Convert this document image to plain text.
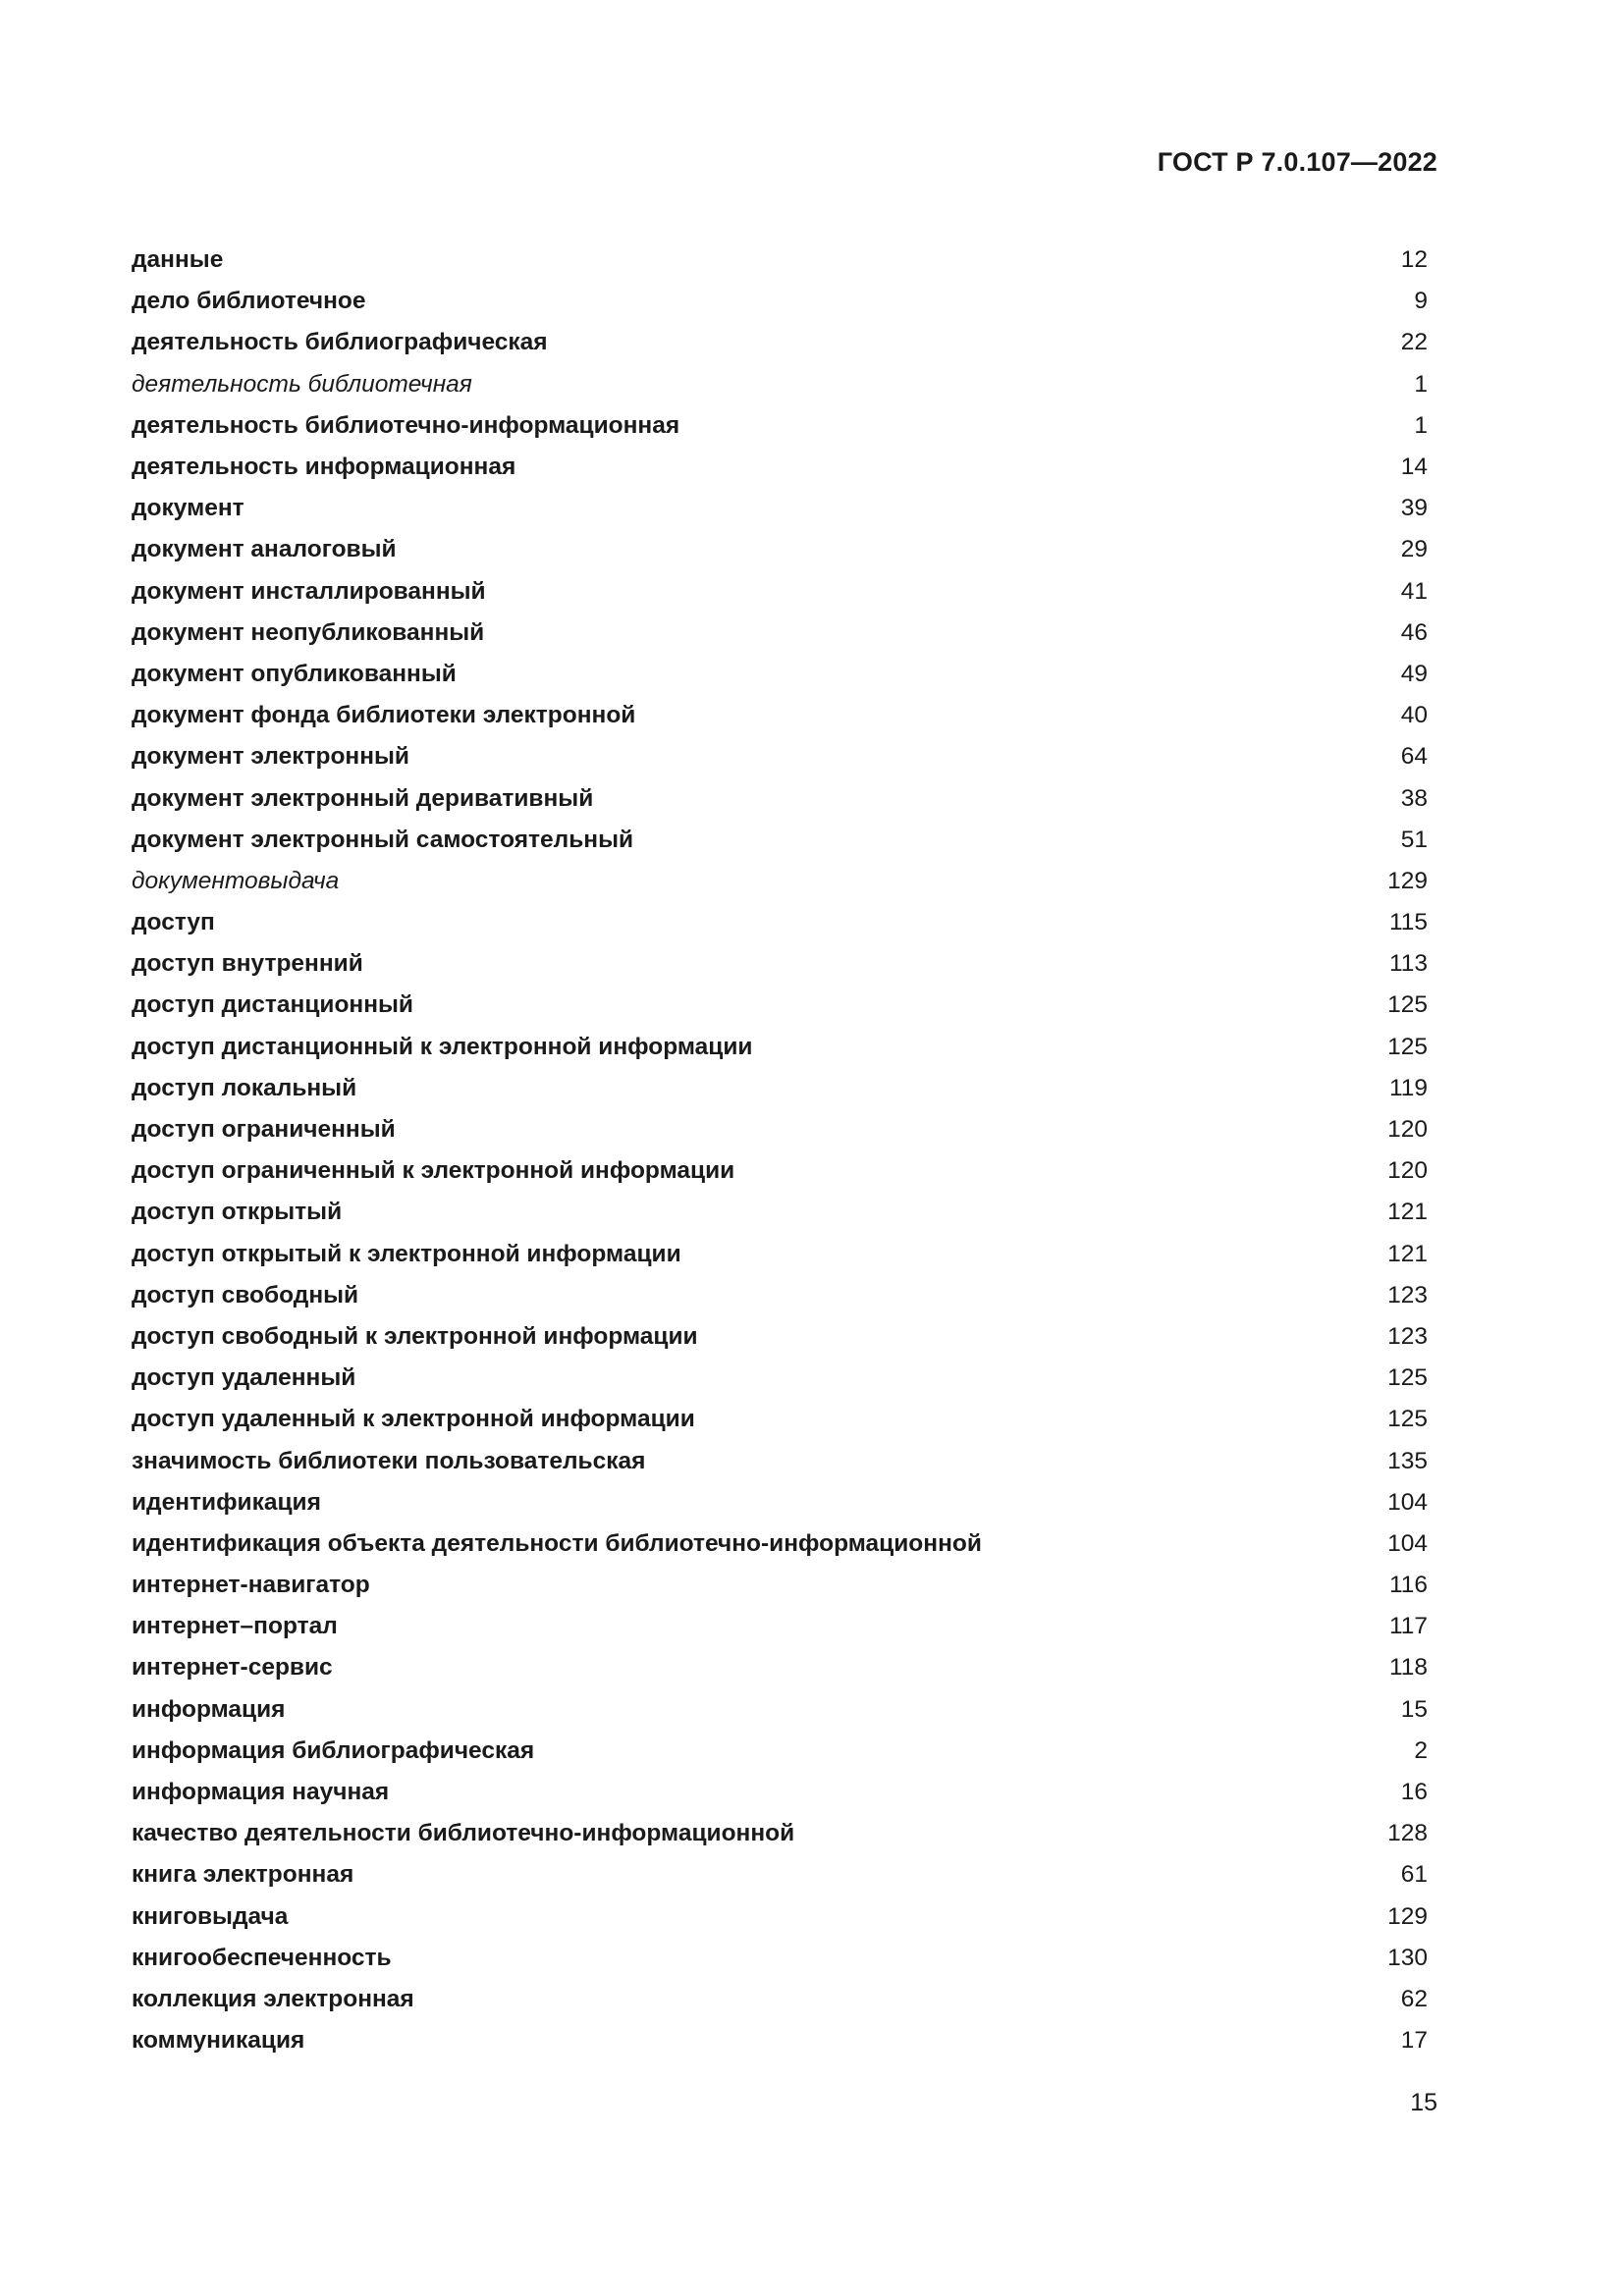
ГОСТ Р 7.0.107—2022
данные	12
дело библиотечное	9
деятельность библиографическая	22
деятельность библиотечная	1
деятельность библиотечно-информационная	1
деятельность информационная	14
документ	39
документ аналоговый	29
документ инсталлированный	41
документ неопубликованный	46
документ опубликованный	49
документ фонда библиотеки электронной	40
документ электронный	64
документ электронный деривативный	38
документ электронный самостоятельный	51
документовыдача	129
доступ	115
доступ внутренний	113
доступ дистанционный	125
доступ дистанционный к электронной информации	125
доступ локальный	119
доступ ограниченный	120
доступ ограниченный к электронной информации	120
доступ открытый	121
доступ открытый к электронной информации	121
доступ свободный	123
доступ свободный к электронной информации	123
доступ удаленный	125
доступ удаленный к электронной информации	125
значимость библиотеки пользовательская	135
идентификация	104
идентификация объекта деятельности библиотечно-информационной	104
интернет-навигатор	116
интернет–портал	117
интернет-сервис	118
информация	15
информация библиографическая	2
информация научная	16
качество деятельности библиотечно-информационной	128
книга электронная	61
книговыдача	129
книгообеспеченность	130
коллекция электронная	62
коммуникация	17
15
